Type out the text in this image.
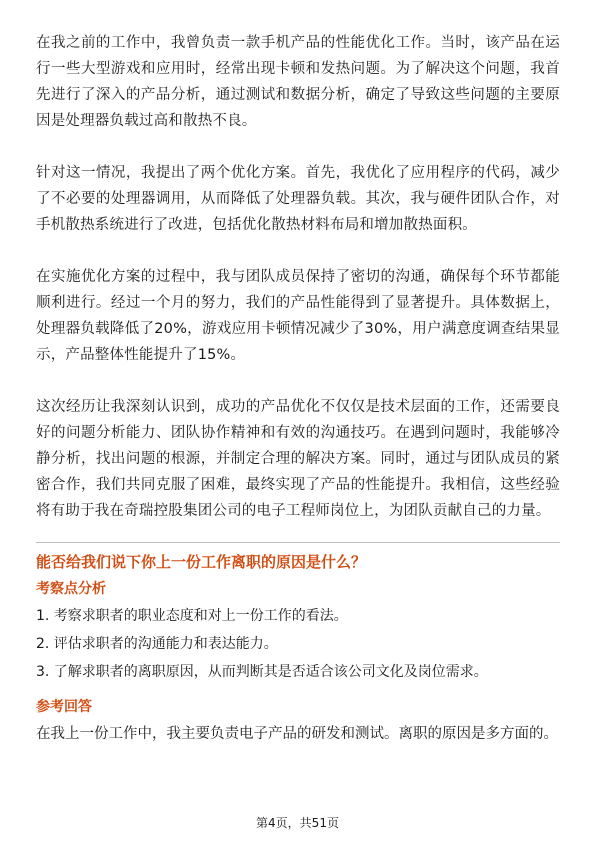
在我之前的工作中，我曾负责一款手机产品的性能优化工作。当时，该产品在运行一些大型游戏和应用时，经常出现卡顿和发热问题。为了解决这个问题，我首先进行了深入的产品分析，通过测试和数据分析，确定了导致这些问题的主要原因是处理器负载过高和散热不良。

针对这一情况，我提出了两个优化方案。首先，我优化了应用程序的代码，减少了不必要的处理器调用，从而降低了处理器负载。其次，我与硬件团队合作，对手机散热系统进行了改进，包括优化散热材料布局和增加散热面积。

在实施优化方案的过程中，我与团队成员保持了密切的沟通，确保每个环节都能顺利进行。经过一个月的努力，我们的产品性能得到了显著提升。具体数据上，处理器负载降低了20%，游戏应用卡顿情况减少了30%，用户满意度调查结果显示，产品整体性能提升了15%。

这次经历让我深刻认识到，成功的产品优化不仅仅是技术层面的工作，还需要良好的问题分析能力、团队协作精神和有效的沟通技巧。在遇到问题时，我能够冷静分析，找出问题的根源，并制定合理的解决方案。同时，通过与团队成员的紧密合作，我们共同克服了困难，最终实现了产品的性能提升。我相信，这些经验将有助于我在奇瑞控股集团公司的电子工程师岗位上，为团队贡献自己的力量。

能否给我们说下你上一份工作离职的原因是什么？
考察点分析
1. 考察求职者的职业态度和对上一份工作的看法。
2. 评估求职者的沟通能力和表达能力。
3. 了解求职者的离职原因，从而判断其是否适合该公司文化及岗位需求。
参考回答

在我上一份工作中，我主要负责电子产品的研发和测试。离职的原因是多方面的。

第4页，共51页
